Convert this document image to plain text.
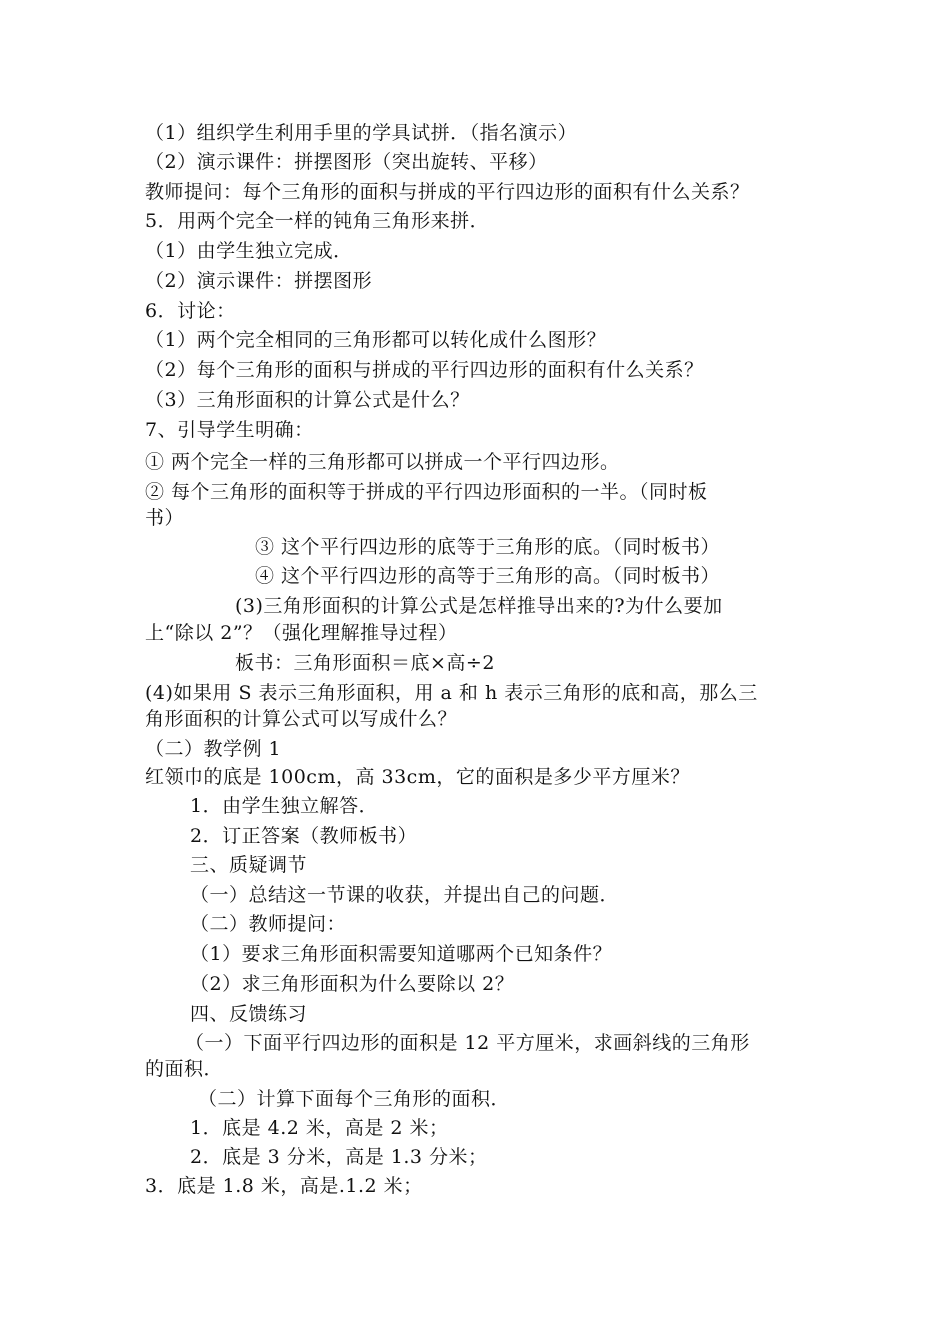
（1）组织学生利用手里的学具试拼．（指名演示）
（2）演示课件：拼摆图形（突出旋转、平移）
教师提问：每个三角形的面积与拼成的平行四边形的面积有什么关系？
5．用两个完全一样的钝角三角形来拼．
（1）由学生独立完成．
（2）演示课件：拼摆图形
6．讨论：
（1）两个完全相同的三角形都可以转化成什么图形？
（2）每个三角形的面积与拼成的平行四边形的面积有什么关系？
（3）三角形面积的计算公式是什么？
7、引导学生明确：
① 两个完全一样的三角形都可以拼成一个平行四边形。
② 每个三角形的面积等于拼成的平行四边形面积的一半。（同时板
书）
③ 这个平行四边形的底等于三角形的底。（同时板书）
④ 这个平行四边形的高等于三角形的高。（同时板书）
(3)三角形面积的计算公式是怎样推导出来的?为什么要加
上“除以 2”？（强化理解推导过程）
板书：三角形面积＝底×高÷2
(4)如果用 S 表示三角形面积，用 a 和 h 表示三角形的底和高，那么三
角形面积的计算公式可以写成什么？
（二）教学例 1
红领巾的底是 100cm，高 33cm，它的面积是多少平方厘米？
1．由学生独立解答．
2．订正答案（教师板书）
三、质疑调节
（一）总结这一节课的收获，并提出自己的问题．
（二）教师提问：
（1）要求三角形面积需要知道哪两个已知条件？
（2）求三角形面积为什么要除以 2？
四、反馈练习
（一）下面平行四边形的面积是 12 平方厘米，求画斜线的三角形
的面积．
（二）计算下面每个三角形的面积．
1．底是 4.2 米，高是 2 米；
2．底是 3 分米，高是 1.3 分米；
3．底是 1.8 米，高是.1.2 米；
